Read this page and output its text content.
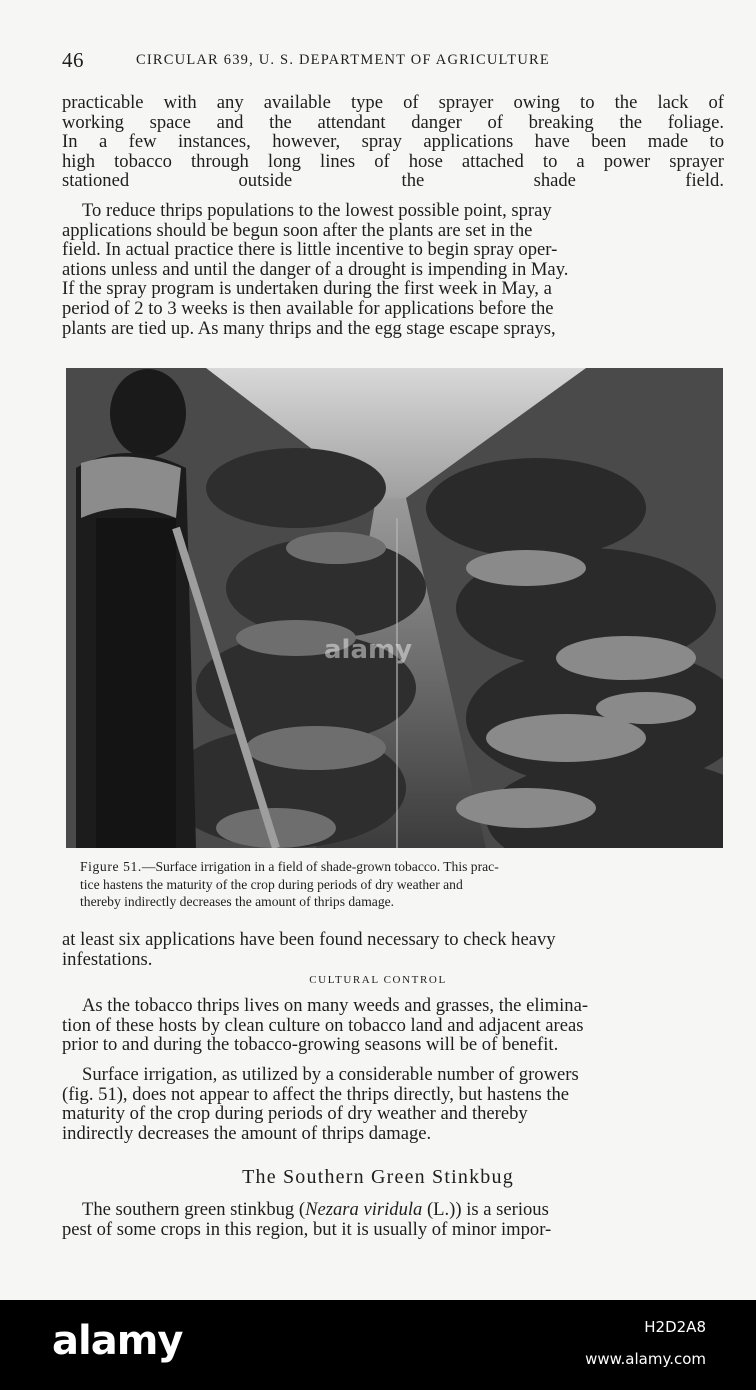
46	CIRCULAR 639, U. S. DEPARTMENT OF AGRICULTURE

practicable with any available type of sprayer owing to the lack of
working space and the attendant danger of breaking the foliage.
In a few instances, however, spray applications have been made to
high tobacco through long lines of hose attached to a power sprayer
stationed outside the shade field.

To reduce thrips populations to the lowest possible point, spray
applications should be begun soon after the plants are set in the
field. In actual practice there is little incentive to begin spray oper-
ations unless and until the danger of a drought is impending in May.
If the spray program is undertaken during the first week in May, a
period of 2 to 3 weeks is then available for applications before the
plants are tied up. As many thrips and the egg stage escape sprays,

alamy

Figure 51.—Surface irrigation in a field of shade-grown tobacco. This prac-
tice hastens the maturity of the crop during periods of dry weather and
thereby indirectly decreases the amount of thrips damage.

at least six applications have been found necessary to check heavy
infestations.

CULTURAL CONTROL

As the tobacco thrips lives on many weeds and grasses, the elimina-
tion of these hosts by clean culture on tobacco land and adjacent areas
prior to and during the tobacco-growing seasons will be of benefit.

Surface irrigation, as utilized by a considerable number of growers
(fig. 51), does not appear to affect the thrips directly, but hastens the
maturity of the crop during periods of dry weather and thereby
indirectly decreases the amount of thrips damage.

The Southern Green Stinkbug

The southern green stinkbug (Nezara viridula (L.)) is a serious
pest of some crops in this region, but it is usually of minor impor-

alamy	H2D2A8
www.alamy.com
